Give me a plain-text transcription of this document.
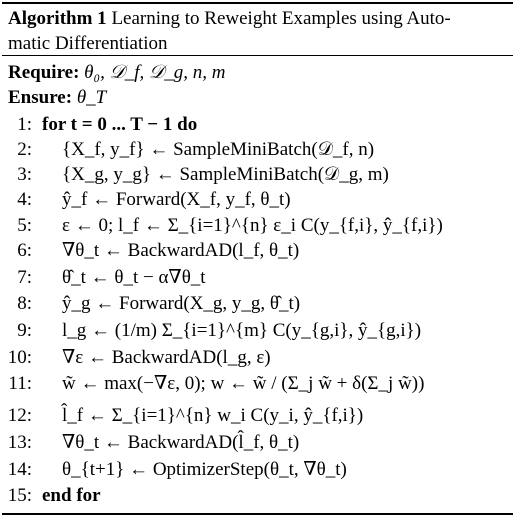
Algorithm 1 Learning to Reweight Examples using Auto-
matic Differentiation
Require: θ₀, 𝒟_f, 𝒟_g, n, m
Ensure: θ_T
1: for t = 0 ... T − 1 do
2: {X_f, y_f} ← SampleMiniBatch(𝒟_f, n)
3: {X_g, y_g} ← SampleMiniBatch(𝒟_g, m)
4: ŷ_f ← Forward(X_f, y_f, θ_t)
5: ε ← 0; l_f ← Σ_{i=1}^{n} ε_i C(y_{f,i}, ŷ_{f,i})
6: ∇θ_t ← BackwardAD(l_f, θ_t)
7: θ̂_t ← θ_t − α∇θ_t
8: ŷ_g ← Forward(X_g, y_g, θ̂_t)
9: l_g ← (1/m) Σ_{i=1}^{m} C(y_{g,i}, ŷ_{g,i})
10: ∇ε ← BackwardAD(l_g, ε)
11: w̃ ← max(−∇ε, 0); w ← w̃ / (Σ_j w̃ + δ(Σ_j w̃))
12: l̂_f ← Σ_{i=1}^{n} w_i C(y_i, ŷ_{f,i})
13: ∇θ_t ← BackwardAD(l̂_f, θ_t)
14: θ_{t+1} ← OptimizerStep(θ_t, ∇θ_t)
15: end for
